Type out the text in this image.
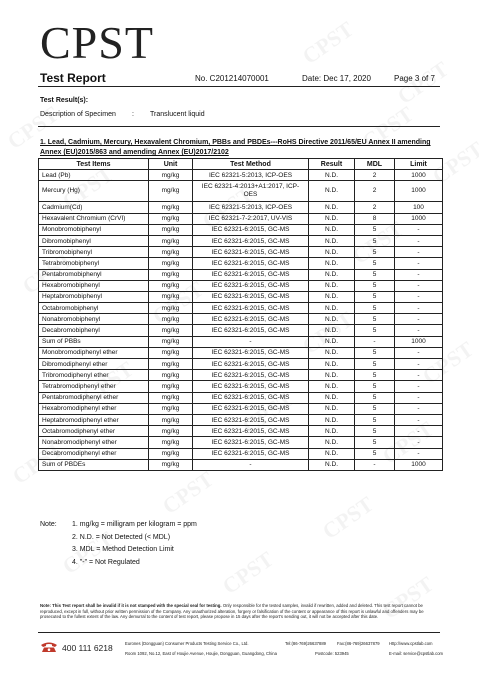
CPST
Test Report	No. C201214070001	Date: Dec 17, 2020	Page 3 of 7
Test Result(s):
Description of Specimen : Translucent liquid
1. Lead, Cadmium, Mercury, Hexavalent Chromium, PBBs and PBDEs---RoHS Directive 2011/65/EU Annex II amending Annex (EU)2015/863 and amending Annex (EU)2017/2102
Test Items	Unit	Test Method	Result	MDL	Limit
Lead (Pb)	mg/kg	IEC 62321-5:2013, ICP-OES	N.D.	2	1000
Mercury (Hg)	mg/kg	IEC 62321-4:2013+A1:2017, ICP-OES	N.D.	2	1000
Cadmium(Cd)	mg/kg	IEC 62321-5:2013, ICP-OES	N.D.	2	100
Hexavalent Chromium (CrVI)	mg/kg	IEC 62321-7-2:2017, UV-VIS	N.D.	8	1000
Monobromobiphenyl	mg/kg	IEC 62321-6:2015, GC-MS	N.D.	5	-
Dibromobiphenyl	mg/kg	IEC 62321-6:2015, GC-MS	N.D.	5	-
Tribromobiphenyl	mg/kg	IEC 62321-6:2015, GC-MS	N.D.	5	-
Tetrabromobiphenyl	mg/kg	IEC 62321-6:2015, GC-MS	N.D.	5	-
Pentabromobiphenyl	mg/kg	IEC 62321-6:2015, GC-MS	N.D.	5	-
Hexabromobiphenyl	mg/kg	IEC 62321-6:2015, GC-MS	N.D.	5	-
Heptabromobiphenyl	mg/kg	IEC 62321-6:2015, GC-MS	N.D.	5	-
Octabromobiphenyl	mg/kg	IEC 62321-6:2015, GC-MS	N.D.	5	-
Nonabromobiphenyl	mg/kg	IEC 62321-6:2015, GC-MS	N.D.	5	-
Decabromobiphenyl	mg/kg	IEC 62321-6:2015, GC-MS	N.D.	5	-
Sum of PBBs	mg/kg	-	N.D.	-	1000
Monobromodiphenyl ether	mg/kg	IEC 62321-6:2015, GC-MS	N.D.	5	-
Dibromodiphenyl ether	mg/kg	IEC 62321-6:2015, GC-MS	N.D.	5	-
Tribromodiphenyl ether	mg/kg	IEC 62321-6:2015, GC-MS	N.D.	5	-
Tetrabromodiphenyl ether	mg/kg	IEC 62321-6:2015, GC-MS	N.D.	5	-
Pentabromodiphenyl ether	mg/kg	IEC 62321-6:2015, GC-MS	N.D.	5	-
Hexabromodiphenyl ether	mg/kg	IEC 62321-6:2015, GC-MS	N.D.	5	-
Heptabromodiphenyl ether	mg/kg	IEC 62321-6:2015, GC-MS	N.D.	5	-
Octabromodiphenyl ether	mg/kg	IEC 62321-6:2015, GC-MS	N.D.	5	-
Nonabromodiphenyl ether	mg/kg	IEC 62321-6:2015, GC-MS	N.D.	5	-
Decabromodiphenyl ether	mg/kg	IEC 62321-6:2015, GC-MS	N.D.	5	-
Sum of PBDEs	mg/kg	-	N.D.	-	1000
Note: 1. mg/kg = milligram per kilogram = ppm
2. N.D. = Not Detected (< MDL)
3. MDL = Method Detection Limit
4. "-" = Not Regulated
Note: This Test report shall be invalid if it is not stamped with the special seal for testing. Only responsible for the tested samples, invalid if rewritten, added and deleted. This test report cannot be reproduced, except in full, without prior written permission of the Company. Any unauthorized alteration, forgery or falsification of the content or appearance of this report is unlawful and offenders may be prosecuted to the fullest extent of the law. Any demurral to the content of test report, please propose in 15 days after the report's sending out, it will not be accepted after this date.
400 111 6218	Eurones (Dongguan) Consumer Products Testing Service Co., Ltd.	Tel:(86-769)26637889	Fax:(86-769)26637879 Http://www.cpstlab.com
Room 1092, No.12, East of Houjie Avenue, Houjie, Dongguan, Guangdong, China	Postcode: 523945	E-mail: service@cpstlab.com
